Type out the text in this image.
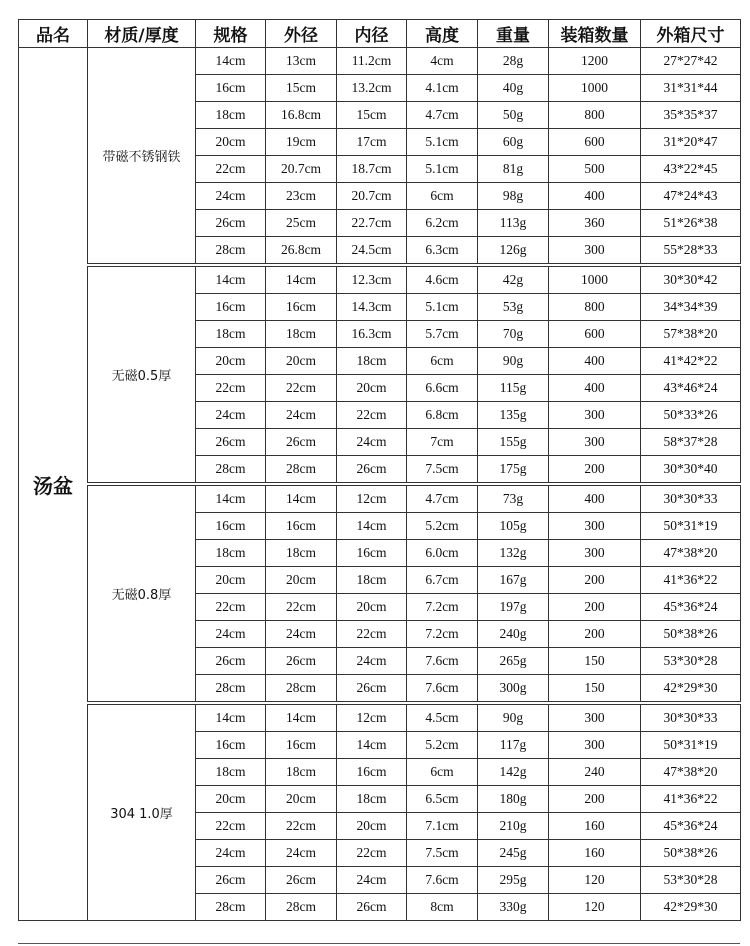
品名	材质/厚度	规格	外径	内径	高度	重量	装箱数量	外箱尺寸
汤盆	带磁不锈钢铁	14cm	13cm	11.2cm	4cm	28g	1200	27*27*42
		16cm	15cm	13.2cm	4.1cm	40g	1000	31*31*44
		18cm	16.8cm	15cm	4.7cm	50g	800	35*35*37
		20cm	19cm	17cm	5.1cm	60g	600	31*20*47
		22cm	20.7cm	18.7cm	5.1cm	81g	500	43*22*45
		24cm	23cm	20.7cm	6cm	98g	400	47*24*43
		26cm	25cm	22.7cm	6.2cm	113g	360	51*26*38
		28cm	26.8cm	24.5cm	6.3cm	126g	300	55*28*33
	无磁0.5厚	14cm	14cm	12.3cm	4.6cm	42g	1000	30*30*42
		16cm	16cm	14.3cm	5.1cm	53g	800	34*34*39
		18cm	18cm	16.3cm	5.7cm	70g	600	57*38*20
		20cm	20cm	18cm	6cm	90g	400	41*42*22
		22cm	22cm	20cm	6.6cm	115g	400	43*46*24
		24cm	24cm	22cm	6.8cm	135g	300	50*33*26
		26cm	26cm	24cm	7cm	155g	300	58*37*28
		28cm	28cm	26cm	7.5cm	175g	200	30*30*40
	无磁0.8厚	14cm	14cm	12cm	4.7cm	73g	400	30*30*33
		16cm	16cm	14cm	5.2cm	105g	300	50*31*19
		18cm	18cm	16cm	6.0cm	132g	300	47*38*20
		20cm	20cm	18cm	6.7cm	167g	200	41*36*22
		22cm	22cm	20cm	7.2cm	197g	200	45*36*24
		24cm	24cm	22cm	7.2cm	240g	200	50*38*26
		26cm	26cm	24cm	7.6cm	265g	150	53*30*28
		28cm	28cm	26cm	7.6cm	300g	150	42*29*30
	304 1.0厚	14cm	14cm	12cm	4.5cm	90g	300	30*30*33
		16cm	16cm	14cm	5.2cm	117g	300	50*31*19
		18cm	18cm	16cm	6cm	142g	240	47*38*20
		20cm	20cm	18cm	6.5cm	180g	200	41*36*22
		22cm	22cm	20cm	7.1cm	210g	160	45*36*24
		24cm	24cm	22cm	7.5cm	245g	160	50*38*26
		26cm	26cm	24cm	7.6cm	295g	120	53*30*28
		28cm	28cm	26cm	8cm	330g	120	42*29*30
